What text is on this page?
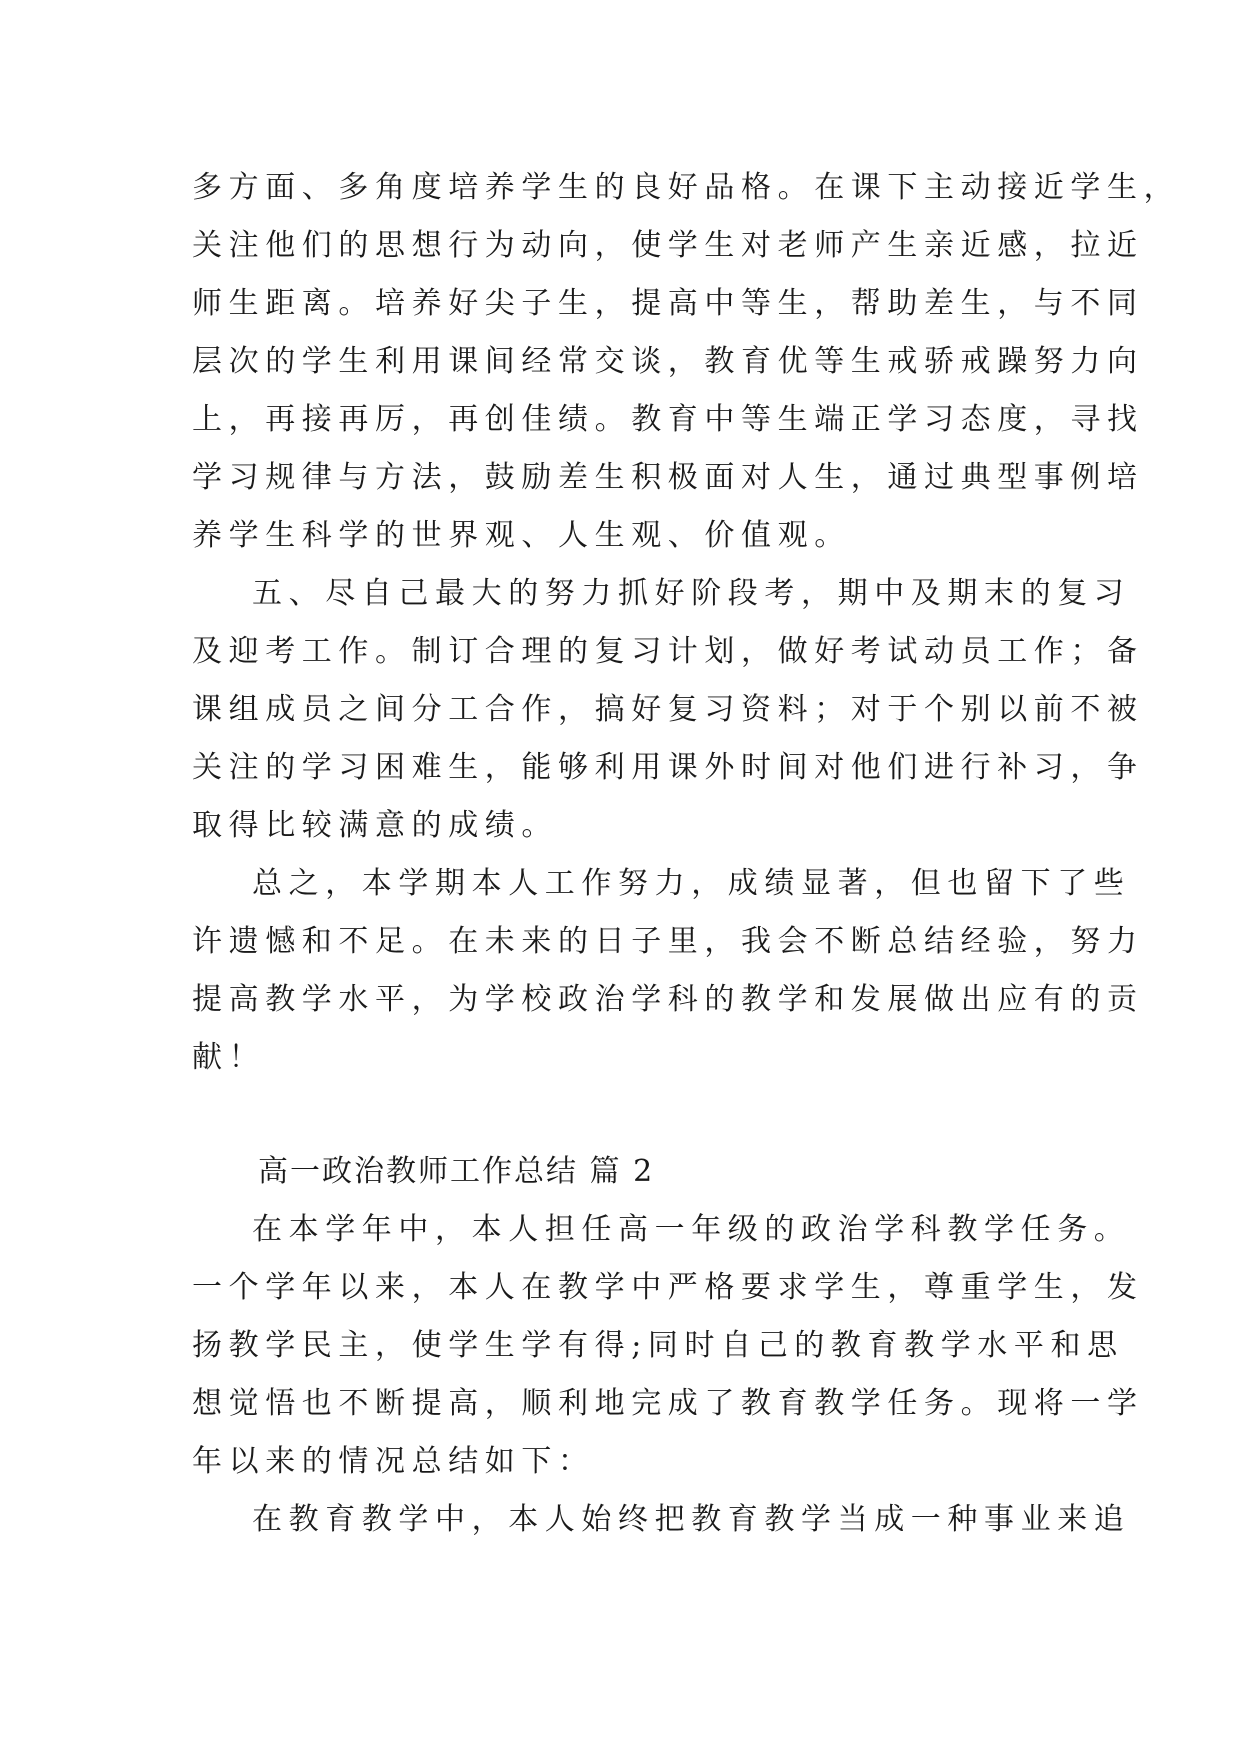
多方面、多角度培养学生的良好品格。在课下主动接近学生，
关注他们的思想行为动向，使学生对老师产生亲近感，拉近
师生距离。培养好尖子生，提高中等生，帮助差生，与不同
层次的学生利用课间经常交谈，教育优等生戒骄戒躁努力向
上，再接再厉，再创佳绩。教育中等生端正学习态度，寻找
学习规律与方法，鼓励差生积极面对人生，通过典型事例培
养学生科学的世界观、人生观、价值观。
五、尽自己最大的努力抓好阶段考，期中及期末的复习
及迎考工作。制订合理的复习计划，做好考试动员工作；备
课组成员之间分工合作，搞好复习资料；对于个别以前不被
关注的学习困难生，能够利用课外时间对他们进行补习，争
取得比较满意的成绩。
总之，本学期本人工作努力，成绩显著，但也留下了些
许遗憾和不足。在未来的日子里，我会不断总结经验，努力
提高教学水平，为学校政治学科的教学和发展做出应有的贡
献！
高一政治教师工作总结 篇 2
在本学年中，本人担任高一年级的政治学科教学任务。
一个学年以来，本人在教学中严格要求学生，尊重学生，发
扬教学民主，使学生学有得;同时自己的教育教学水平和思
想觉悟也不断提高，顺利地完成了教育教学任务。现将一学
年以来的情况总结如下：
在教育教学中，本人始终把教育教学当成一种事业来追
